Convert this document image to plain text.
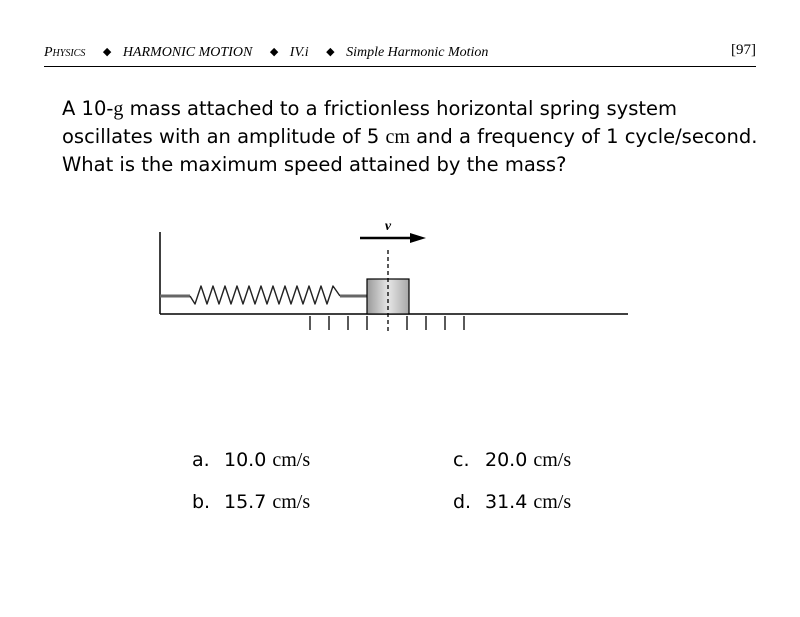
Physics ◆ HARMONIC MOTION ◆ IV.i ◆ Simple Harmonic Motion	[97]
A 10-g mass attached to a frictionless horizontal spring system oscillates with an amplitude of 5 cm and a frequency of 1 cycle/second. What is the maximum speed attained by the mass?
v
a. 10.0 cm/s
b. 15.7 cm/s
c. 20.0 cm/s
d. 31.4 cm/s
